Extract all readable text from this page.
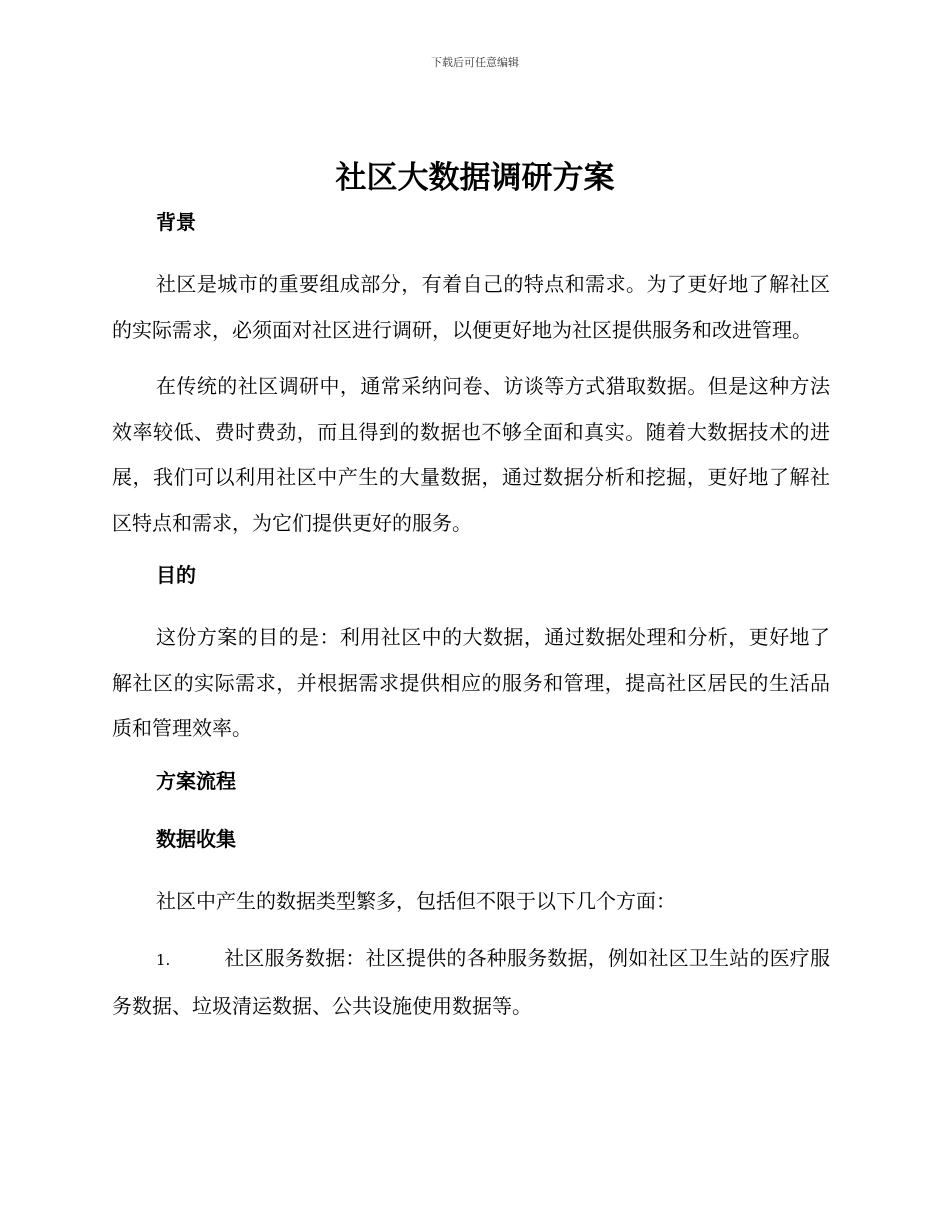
下载后可任意编辑
社区大数据调研方案
背景

社区是城市的重要组成部分，有着自己的特点和需求。为了更好地了解社区的实际需求，必须面对社区进行调研，以便更好地为社区提供服务和改进管理。

在传统的社区调研中，通常采纳问卷、访谈等方式猎取数据。但是这种方法效率较低、费时费劲，而且得到的数据也不够全面和真实。随着大数据技术的进展，我们可以利用社区中产生的大量数据，通过数据分析和挖掘，更好地了解社区特点和需求，为它们提供更好的服务。

目的

这份方案的目的是：利用社区中的大数据，通过数据处理和分析，更好地了解社区的实际需求，并根据需求提供相应的服务和管理，提高社区居民的生活品质和管理效率。

方案流程
数据收集

社区中产生的数据类型繁多，包括但不限于以下几个方面：

1.	社区服务数据：社区提供的各种服务数据，例如社区卫生站的医疗服务数据、垃圾清运数据、公共设施使用数据等。
